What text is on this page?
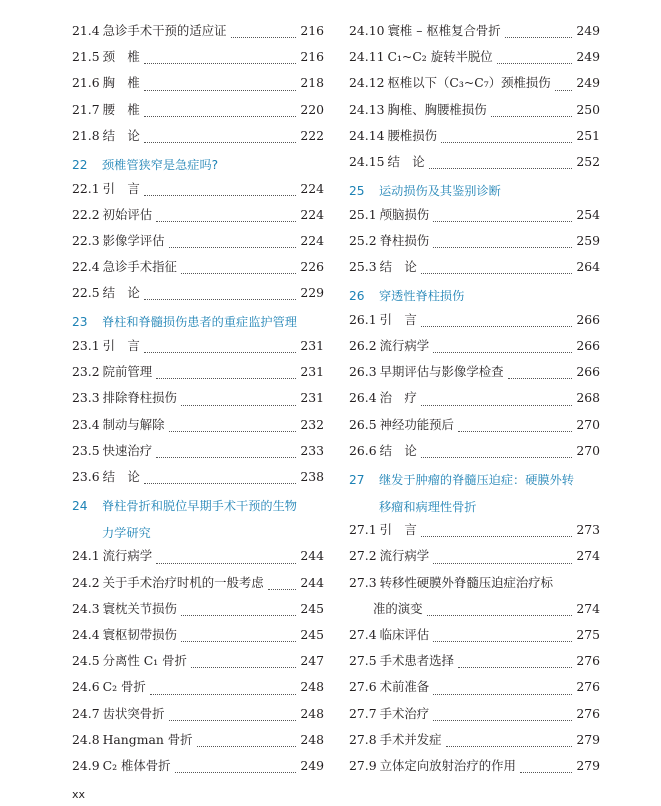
21.4 急诊手术干预的适应证	216
21.5 颈　椎	216
21.6 胸　椎	218
21.7 腰　椎	220
21.8 结　论	222
22	颈椎管狭窄是急症吗?
22.1 引　言	224
22.2 初始评估	224
22.3 影像学评估	224
22.4 急诊手术指征	226
22.5 结　论	229
23	脊柱和脊髓损伤患者的重症监护管理
23.1 引　言	231
23.2 院前管理	231
23.3 排除脊柱损伤	231
23.4 制动与解除	232
23.5 快速治疗	233
23.6 结　论	238
24	脊柱骨折和脱位早期手术干预的生物
力学研究
24.1 流行病学	244
24.2 关于手术治疗时机的一般考虑	244
24.3 寰枕关节损伤	245
24.4 寰枢韧带损伤	245
24.5 分离性 C₁ 骨折	247
24.6 C₂ 骨折	248
24.7 齿状突骨折	248
24.8 Hangman 骨折	248
24.9 C₂ 椎体骨折	249
24.10 寰椎 – 枢椎复合骨折	249
24.11 C₁~C₂ 旋转半脱位	249
24.12 枢椎以下（C₃~C₇）颈椎损伤 249
24.13 胸椎、胸腰椎损伤	250
24.14 腰椎损伤	251
24.15 结　论	252
25	运动损伤及其鉴别诊断
25.1 颅脑损伤	254
25.2 脊柱损伤	259
25.3 结　论	264
26	穿透性脊柱损伤
26.1 引　言	266
26.2 流行病学	266
26.3 早期评估与影像学检查	266
26.4 治　疗	268
26.5 神经功能预后	270
26.6 结　论	270
27	继发于肿瘤的脊髓压迫症：硬膜外转
移瘤和病理性骨折
27.1 引　言	273
27.2 流行病学	274
27.3 转移性硬膜外脊髓压迫症治疗标
准的演变	274
27.4 临床评估	275
27.5 手术患者选择	276
27.6 术前准备	276
27.7 手术治疗	276
27.8 手术并发症	279
27.9 立体定向放射治疗的作用	279
xx
